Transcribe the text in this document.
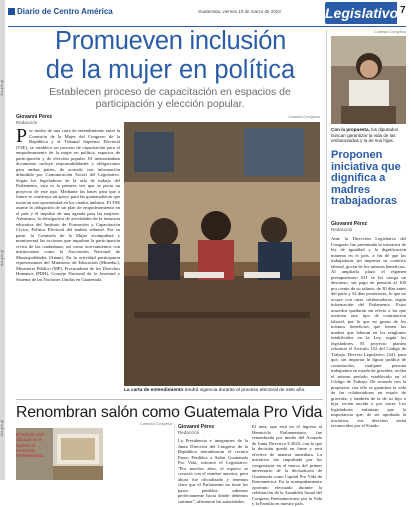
dca.gob.gt
dca.gob.gt
dca.gob.gt
Diario de Centro América	Guatemala, viernes 10 de marzo de 2023	Legislativo 7
Promueven inclusión
de la mujer en política
Establecen proceso de capacitación en espacios de participación y elección popular.
Giovanni Pérez
Redacción
Por medio de una carta de entendimiento entre la Comisión de la Mujer del Congreso de la República y el Tribunal Supremo Electoral (TSE), se establece un proceso de capacitación para el empoderamiento de la mujer en política, espacios de participación y de elección popular. El memorándum documento incluye responsabilidades y obligaciones para ambas partes, de acuerdo con información difundida por Comunicación Social del Legislativo. Según los legisladores de la sala de trabajo del Parlamento, esta es la primera vez que se pacta un proyecto de este tipo. Mediante las bases para que a futuro se construya un apoyo para las guatemaltecas que tuvieran una oportunidad en los citados ámbitos. El TSE asume la obligación de un plan de empoderamiento en el país y el impulso de una agenda para las mujeres. Asimismo, la divulgación de actividades de la instancia educativa del Instituto de Formación y Capacitación Cívica, Política Electoral del ámbito tribunal. Por su parte, la Comisión de la Mujer acompañará y monitoreará las acciones que impulsen la participación cívica de las ciudadanas, así como acercamientos con instituciones como la Asociación Nacional de Municipalidades (Anam). En la actividad participaron representantes del Ministerio de Educación (Mineduc), Ministerio Público (MP), Procuraduría de los Derechos Humanos (PDH), Consejo Nacional de la Juventud y Sistema de las Naciones Unidas en Guatemala.
Cortesía Congreso
La carta de entendimiento tendrá vigencia durante el proceso electoral de este año.
Cortesía Congreso
Con la propuesta, los diputados buscan garantizar la vida de las embarazadas y la de sus hijas.
Proponen iniciativa que dignifica a madres trabajadoras
Giovanni Pérez
Redacción
Ante la Dirección Legislativa del Congreso fue presentada la iniciativa de ley de igualdad y la dignificación materna en el país, a fin de que las trabajadoras sin importar su contexto laboral, gocen de los mismos beneficios. Al ampliarla plazo el régimen presupuestario 011 se les otorga un descanso, sin pago de pensión al 100 por ciento de su salario; de 30 días antes del parto y 54 días posteriores, lo que no ocurre con otras colaboradoras, según información del Parlamento. Estos acuerdos quedarán sin efecto a las que tuviesen otro tipo de contratación laboral, por lo que no gozan de los mismos beneficios que tienen las madres que laboran en los renglones establecidos en la Ley, según los legisladores. El proyecto plantea reformar el Artículo 152 del Código de Trabajo, Decreto Legislativo 1441, para que, sin importar la figura jurídica de contratación, cualquier persona trabajadora en estado de gravidez, reciba el mismo período establecido en el Código de Trabajo. De acuerdo con la propuesta, con ello se garantiza la vida de las colaboradoras en estado de gravidez, y también de la de su hijo o hija, recién nacida o por nacer. Los legisladores enfatizan que la importancia que, de ser aprobada la iniciativa, sus derechos serán reconocidos por el Estado.
Renombran salón como Guatemala Pro Vida
Cortesía Congreso
El recinto está ubicado en el ingreso al Hemiciclo Parlamentario.
Giovanni Pérez
Redacción
La Presidencia e integrantes de la Junta Directiva del Congreso de la República renombraron el recinto Paseo Perdidos a Salón Guatemala Pro Vida, informó el Legislativo. "Por muchos años, el espacio se conoció con el nombre anterior, pero ahora fue oficializado y tenemos claro que el Parlamento no tiene los pasos perdidos; sabemos perfectamente hacia dónde debemos caminar", afirmaron las autoridades.
El área, que está en el ingreso al Hemiciclo Parlamentario, fue renombrada por medio del Acuerdo de Junta Directiva 3-2023, con lo que la decisión quedó en firme y será efectiva de manera inmediata. La iniciativa fue impulsada por los congresistas en el marco del primer aniversario de la declaratoria de Guatemala como Capital Pro Vida de Iberoamérica. En la acompañamiento oportuno efectuado durante la celebración de la Asamblea Anual del Congreso Iberoamericano por la Vida y la Familia en nuestro país.
